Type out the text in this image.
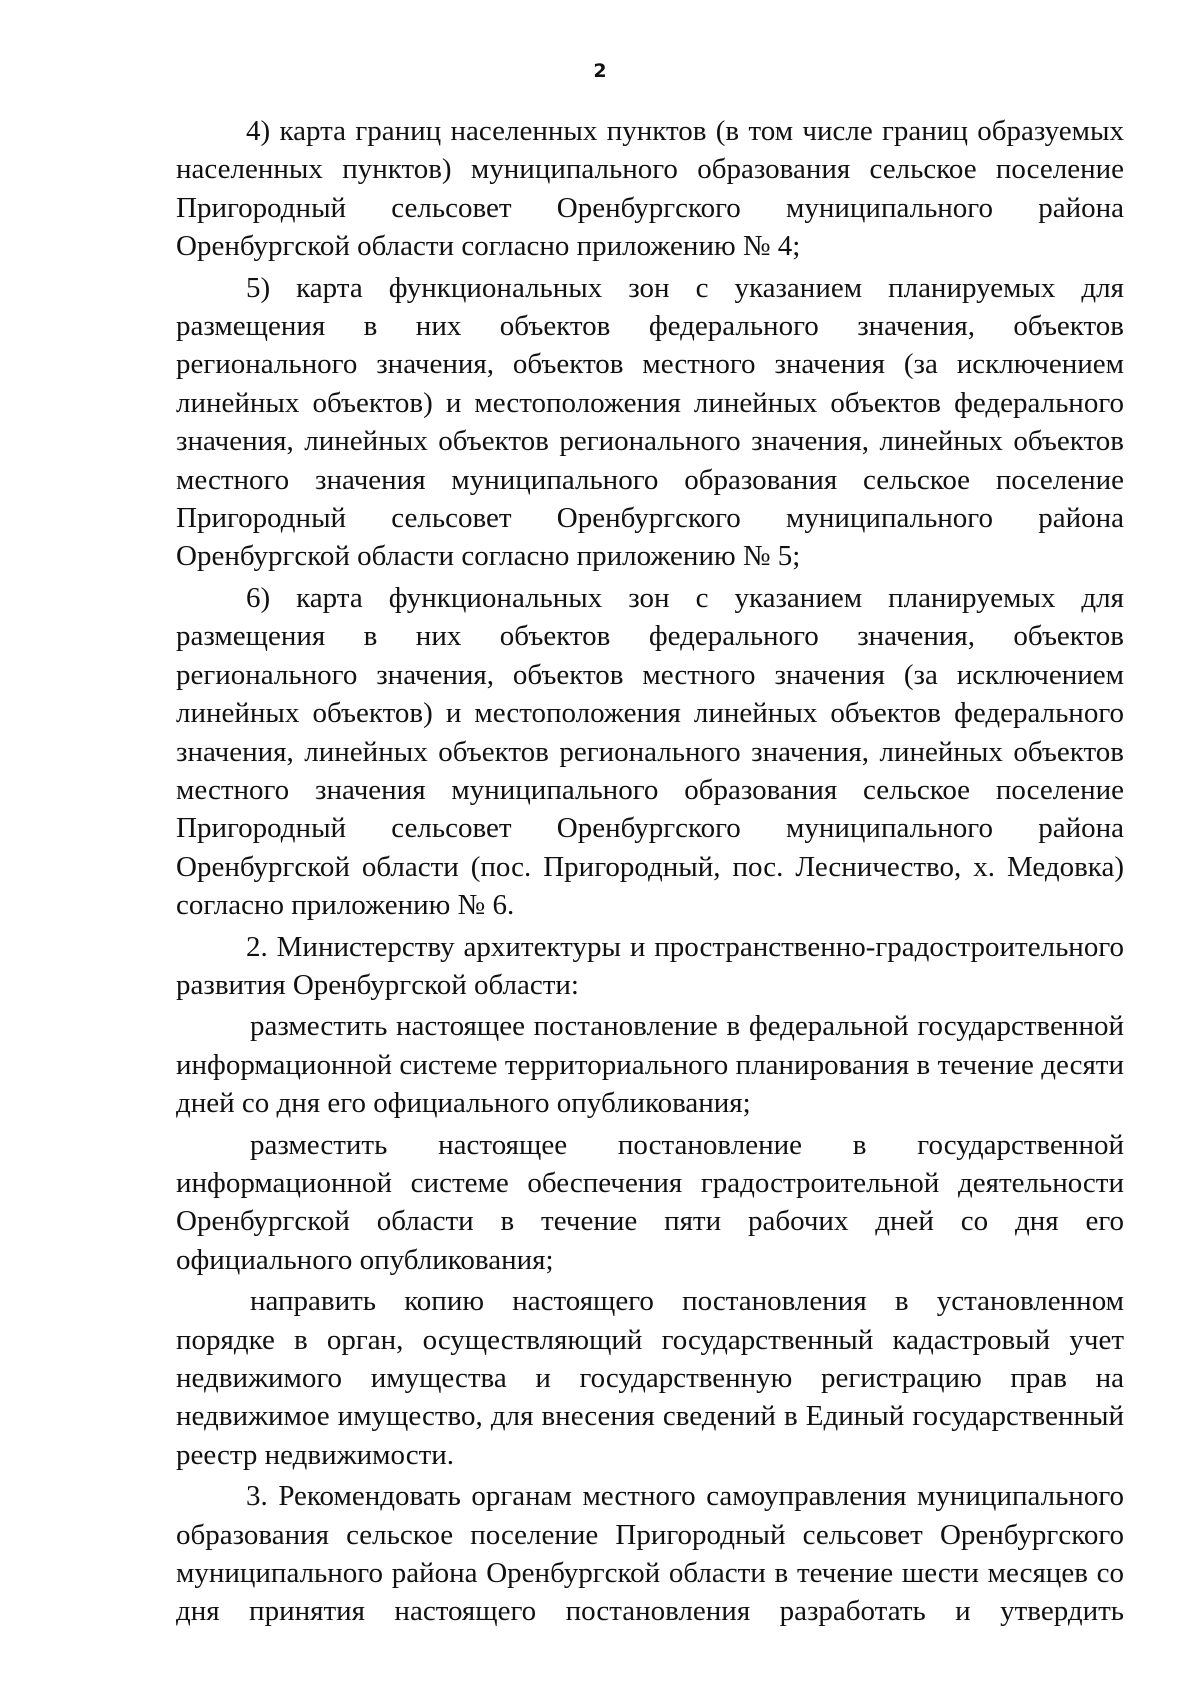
2

4) карта границ населенных пунктов (в том числе границ образуемых населенных пунктов) муниципального образования сельское поселение Пригородный сельсовет Оренбургского муниципального района Оренбургской области согласно приложению № 4;

5) карта функциональных зон с указанием планируемых для размещения в них объектов федерального значения, объектов регионального значения, объектов местного значения (за исключением линейных объектов) и местоположения линейных объектов федерального значения, линейных объектов регионального значения, линейных объектов местного значения муниципального образования сельское поселение Пригородный сельсовет Оренбургского муниципального района Оренбургской области согласно приложению № 5;

6) карта функциональных зон с указанием планируемых для размещения в них объектов федерального значения, объектов регионального значения, объектов местного значения (за исключением линейных объектов) и местоположения линейных объектов федерального значения, линейных объектов регионального значения, линейных объектов местного значения муниципального образования сельское поселение Пригородный сельсовет Оренбургского муниципального района Оренбургской области (пос. Пригородный, пос. Лесничество, х. Медовка) согласно приложению № 6.

2. Министерству архитектуры и пространственно-градостроительного развития Оренбургской области:

разместить настоящее постановление в федеральной государственной информационной системе территориального планирования в течение десяти дней со дня его официального опубликования;

разместить настоящее постановление в государственной информационной системе обеспечения градостроительной деятельности Оренбургской области в течение пяти рабочих дней со дня его официального опубликования;

направить копию настоящего постановления в установленном порядке в орган, осуществляющий государственный кадастровый учет недвижимого имущества и государственную регистрацию прав на недвижимое имущество, для внесения сведений в Единый государственный реестр недвижимости.

3. Рекомендовать органам местного самоуправления муниципального образования сельское поселение Пригородный сельсовет Оренбургского муниципального района Оренбургской области в течение шести месяцев со дня принятия настоящего постановления разработать и утвердить
